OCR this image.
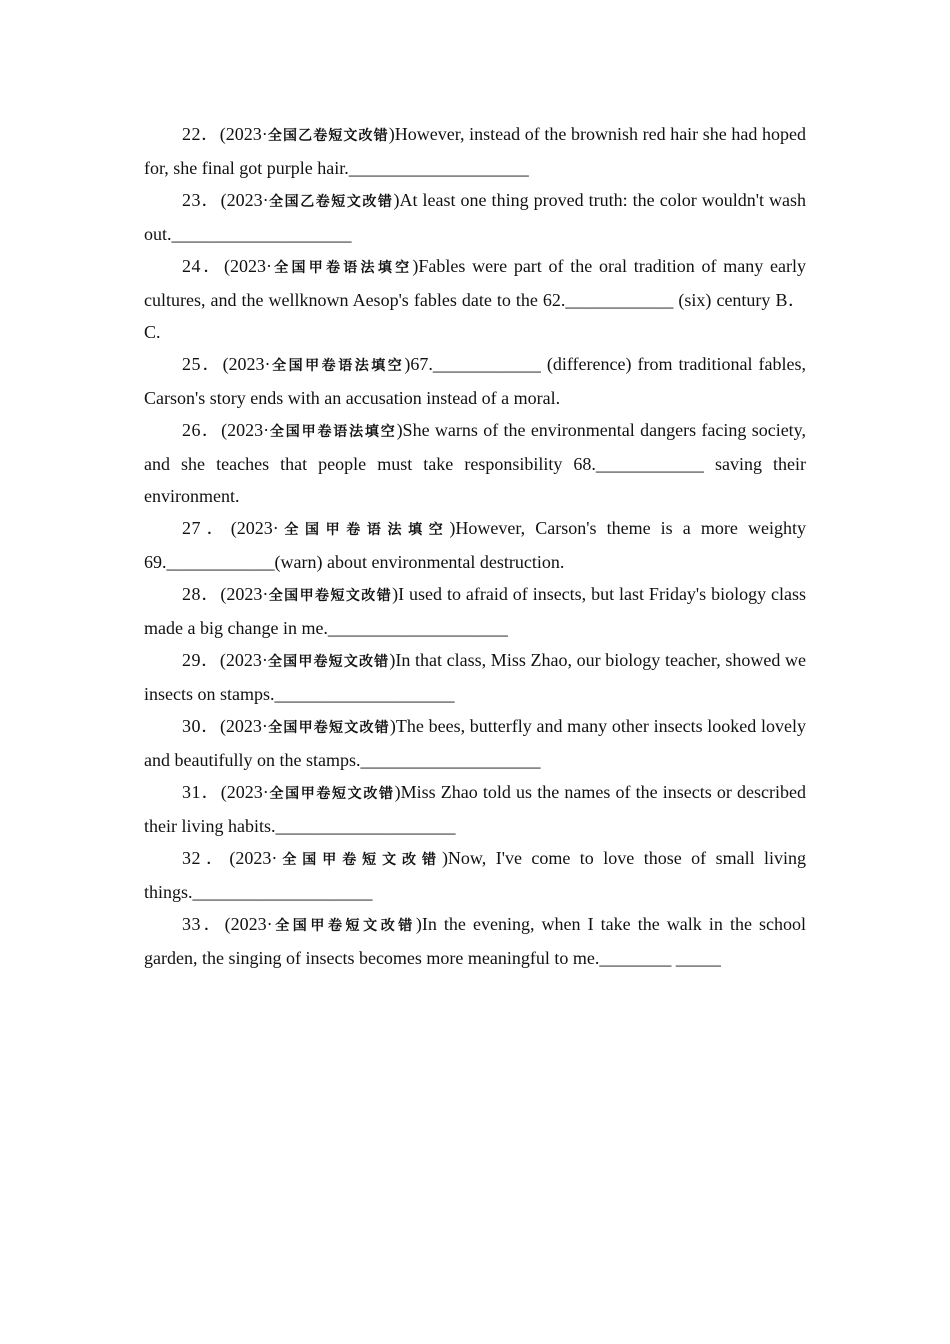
22．(2023·全国乙卷短文改错)However, instead of the brownish red hair she had hoped for, she final got purple hair.____________________

23．(2023·全国乙卷短文改错)At least one thing proved truth: the color wouldn't wash out.____________________

24．(2023·全国甲卷语法填空)Fables were part of the oral tradition of many early cultures, and the wellknown Aesop's fables date to the 62.____________ (six) century B．C.

25．(2023·全国甲卷语法填空)67.____________ (difference) from traditional fables, Carson's story ends with an accusation instead of a moral.

26．(2023·全国甲卷语法填空)She warns of the environmental dangers facing society, and she teaches that people must take responsibility 68.____________ saving their environment.

27．(2023·全国甲卷语法填空)However, Carson's theme is a more weighty 69.____________(warn) about environmental destruction.

28．(2023·全国甲卷短文改错)I used to afraid of insects, but last Friday's biology class made a big change in me.____________________

29．(2023·全国甲卷短文改错)In that class, Miss Zhao, our biology teacher, showed we insects on stamps.____________________

30．(2023·全国甲卷短文改错)The bees, butterfly and many other insects looked lovely and beautifully on the stamps.____________________

31．(2023·全国甲卷短文改错)Miss Zhao told us the names of the insects or described their living habits.____________________

32．(2023·全国甲卷短文改错)Now, I've come to love those of small living things.____________________

33．(2023·全国甲卷短文改错)In the evening, when I take the walk in the school garden, the singing of insects becomes more meaningful to me.________ _____
